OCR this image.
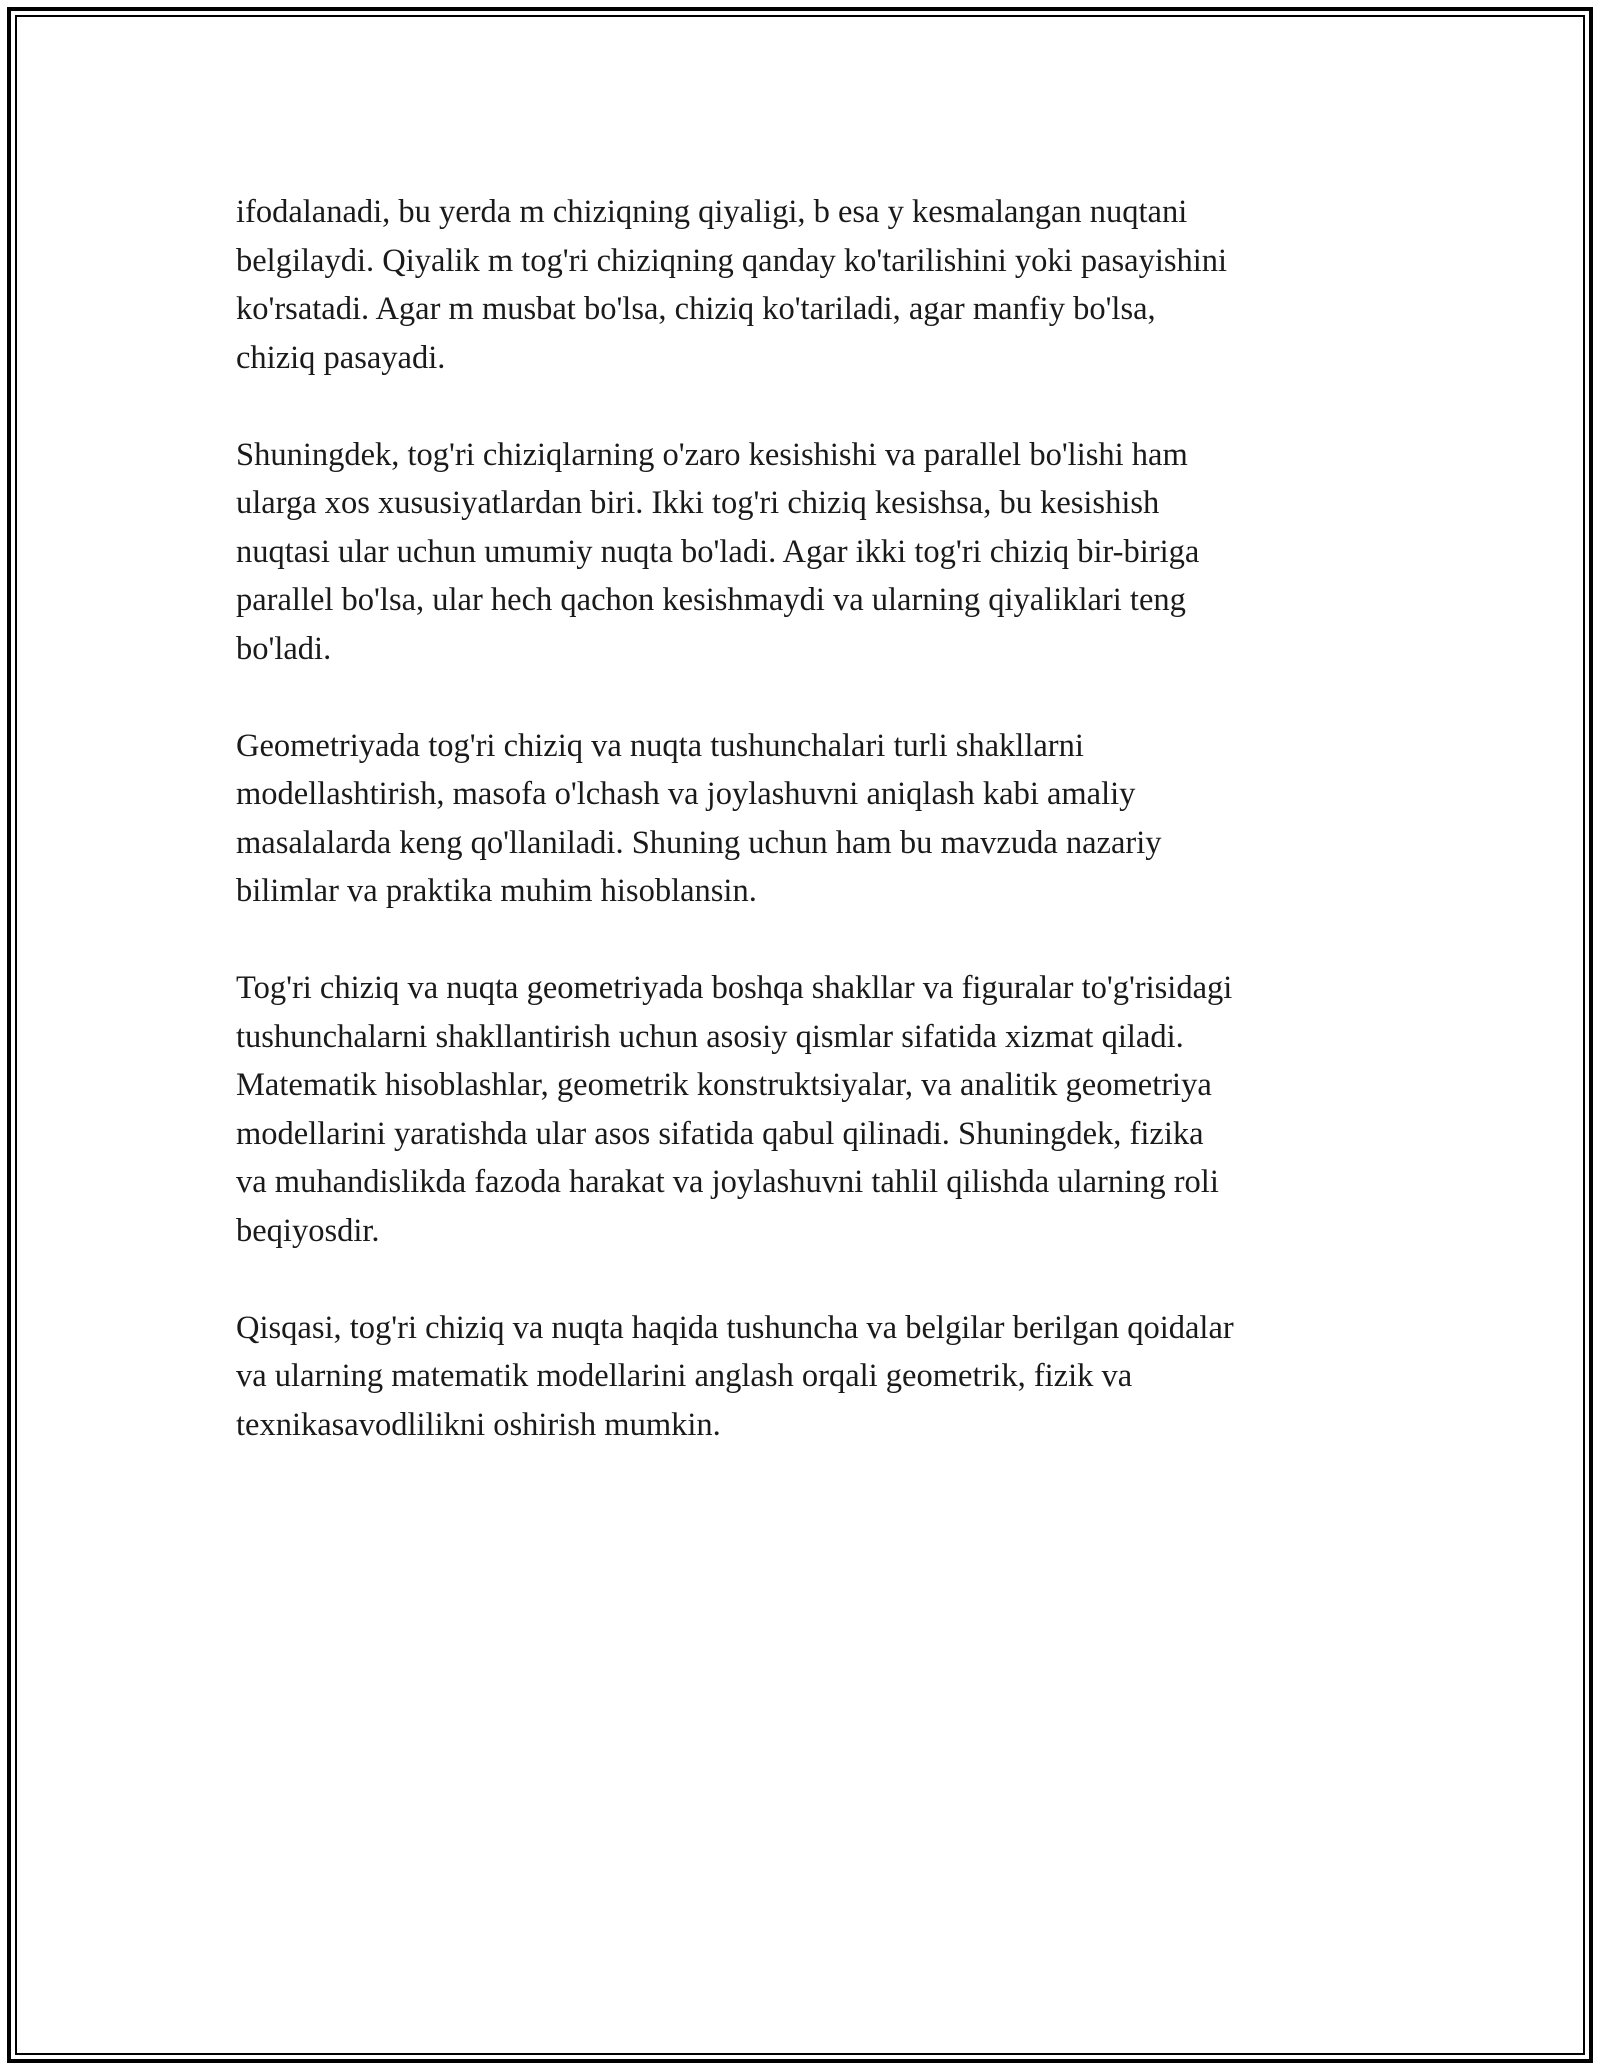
ifodalanadi, bu yerda m chiziqning qiyaligi, b esa y kesmalangan nuqtani
belgilaydi. Qiyalik m tog'ri chiziqning qanday ko'tarilishini yoki pasayishini
ko'rsatadi. Agar m musbat bo'lsa, chiziq ko'tariladi, agar manfiy bo'lsa,
chiziq pasayadi.

Shuningdek, tog'ri chiziqlarning o'zaro kesishishi va parallel bo'lishi ham
ularga xos xususiyatlardan biri. Ikki tog'ri chiziq kesishsa, bu kesishish
nuqtasi ular uchun umumiy nuqta bo'ladi. Agar ikki tog'ri chiziq bir-biriga
parallel bo'lsa, ular hech qachon kesishmaydi va ularning qiyaliklari teng
bo'ladi.

Geometriyada tog'ri chiziq va nuqta tushunchalari turli shakllarni
modellashtirish, masofa o'lchash va joylashuvni aniqlash kabi amaliy
masalalarda keng qo'llaniladi. Shuning uchun ham bu mavzuda nazariy
bilimlar va praktika muhim hisoblansin.

Tog'ri chiziq va nuqta geometriyada boshqa shakllar va figuralar to'g'risidagi
tushunchalarni shakllantirish uchun asosiy qismlar sifatida xizmat qiladi.
Matematik hisoblashlar, geometrik konstruktsiyalar, va analitik geometriya
modellarini yaratishda ular asos sifatida qabul qilinadi. Shuningdek, fizika
va muhandislikda fazoda harakat va joylashuvni tahlil qilishda ularning roli
beqiyosdir.

Qisqasi, tog'ri chiziq va nuqta haqida tushuncha va belgilar berilgan qoidalar
va ularning matematik modellarini anglash orqali geometrik, fizik va
texnikasavodlilikni oshirish mumkin.
